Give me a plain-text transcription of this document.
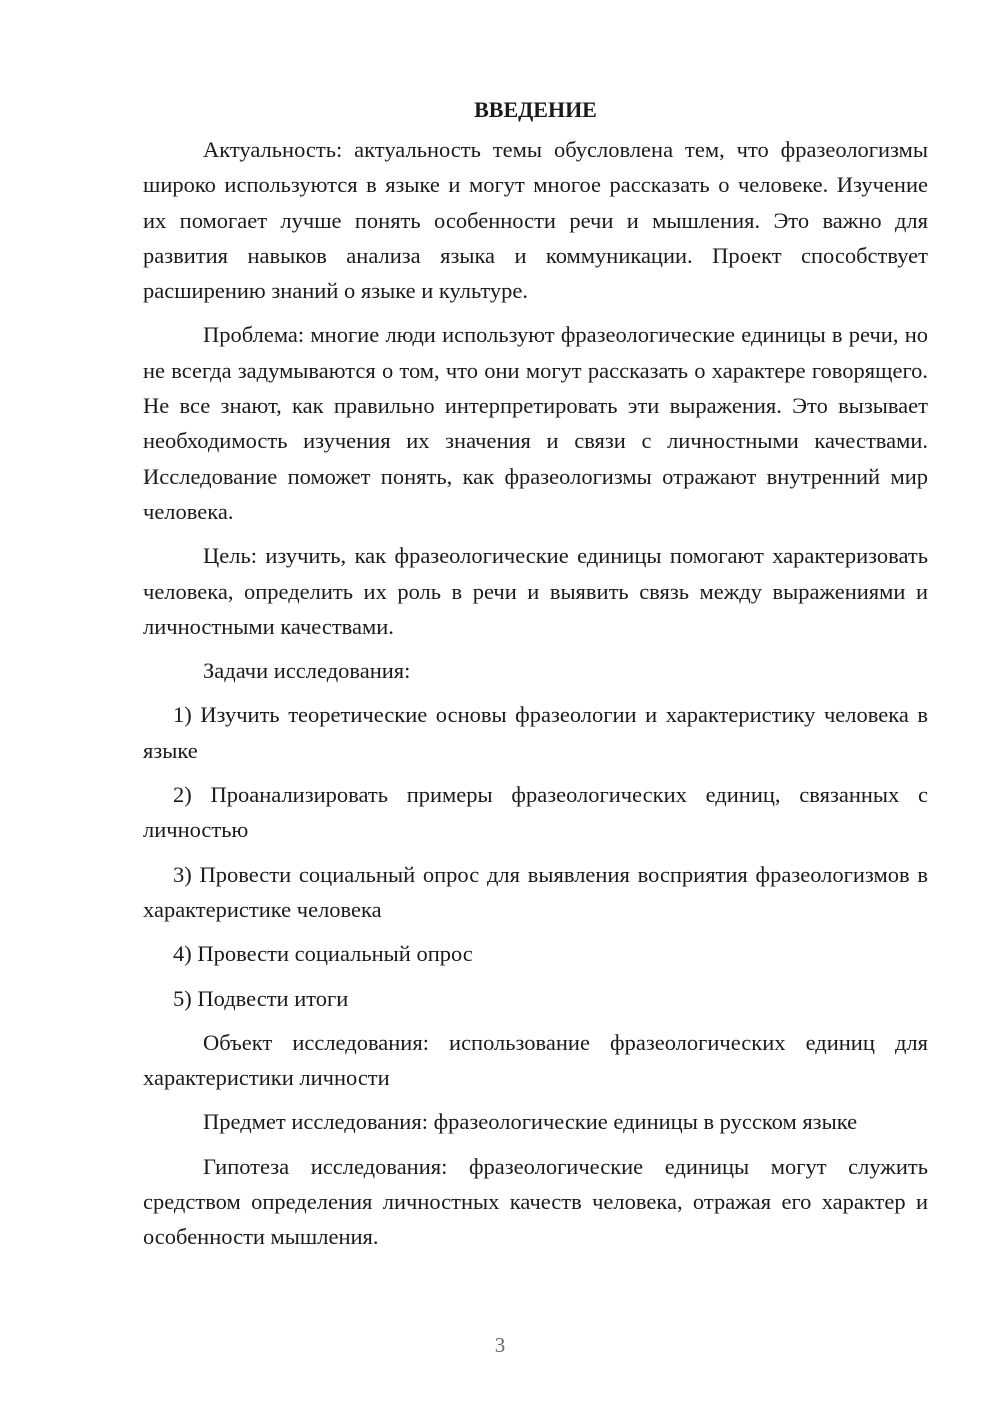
ВВЕДЕНИЕ

Актуальность: актуальность темы обусловлена тем, что фразеологизмы широко используются в языке и могут многое рассказать о человеке. Изучение их помогает лучше понять особенности речи и мышления. Это важно для развития навыков анализа языка и коммуникации. Проект способствует расширению знаний о языке и культуре.

Проблема: многие люди используют фразеологические единицы в речи, но не всегда задумываются о том, что они могут рассказать о характере говорящего. Не все знают, как правильно интерпретировать эти выражения. Это вызывает необходимость изучения их значения и связи с личностными качествами. Исследование поможет понять, как фразеологизмы отражают внутренний мир человека.

Цель: изучить, как фразеологические единицы помогают характеризовать человека, определить их роль в речи и выявить связь между выражениями и личностными качествами.

Задачи исследования:

1) Изучить теоретические основы фразеологии и характеристику человека в языке

2) Проанализировать примеры фразеологических единиц, связанных с личностью

3) Провести социальный опрос для выявления восприятия фразеологизмов в характеристике человека

4) Провести социальный опрос

5) Подвести итоги

Объект исследования: использование фразеологических единиц для характеристики личности

Предмет исследования: фразеологические единицы в русском языке

Гипотеза исследования: фразеологические единицы могут служить средством определения личностных качеств человека, отражая его характер и особенности мышления.

3
